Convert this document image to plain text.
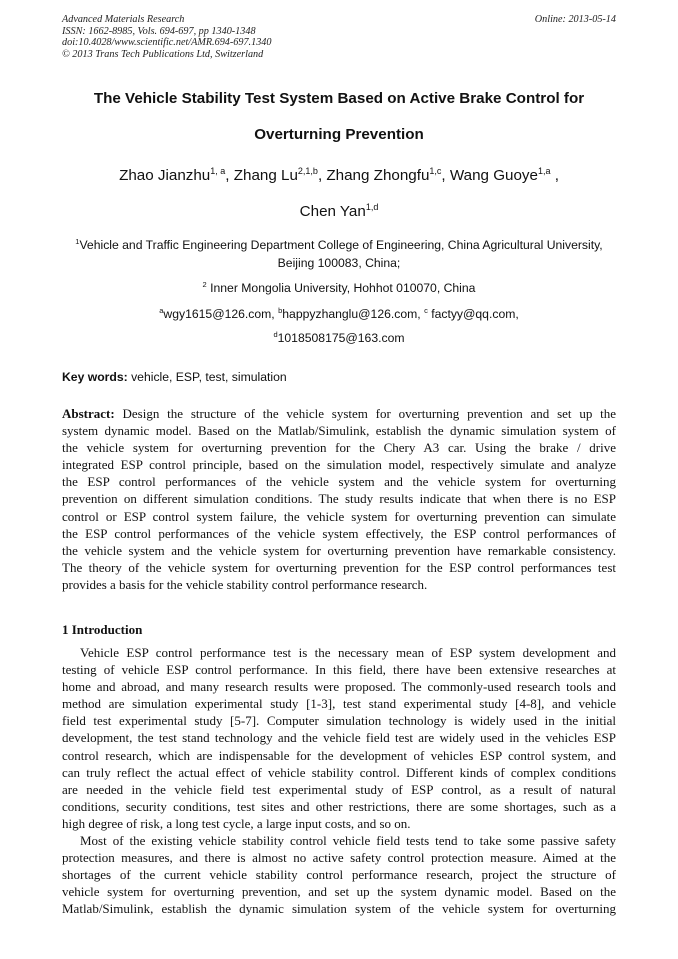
Advanced Materials Research
ISSN: 1662-8985, Vols. 694-697, pp 1340-1348
doi:10.4028/www.scientific.net/AMR.694-697.1340
© 2013 Trans Tech Publications Ltd, Switzerland
Online: 2013-05-14
The Vehicle Stability Test System Based on Active Brake Control for
Overturning Prevention
Zhao Jianzhu$^{1, a}$, Zhang Lu$^{2,1,b}$, Zhang Zhongfu$^{1,c}$, Wang Guoye$^{1,a}$ ,
Chen Yan$^{1,d}$
$^1$Vehicle and Traffic Engineering Department College of Engineering, China Agricultural University,
Beijing 100083, China;
$^2$ Inner Mongolia University, Hohhot 010070, China
$^a$wgy1615@126.com, $^b$happyzhanglu@126.com, $^c$ factyy@qq.com,
$^d$1018508175@163.com
Key words: vehicle, ESP, test, simulation
Abstract: Design the structure of the vehicle system for overturning prevention and set up the
system dynamic model. Based on the Matlab/Simulink, establish the dynamic simulation system of
the vehicle system for overturning prevention for the Chery A3 car. Using the brake / drive
integrated ESP control principle, based on the simulation model, respectively simulate and analyze
the ESP control performances of the vehicle system and the vehicle system for overturning
prevention on different simulation conditions. The study results indicate that when there is no ESP
control or ESP control system failure, the vehicle system for overturning prevention can simulate
the ESP control performances of the vehicle system effectively, the ESP control performances of
the vehicle system and the vehicle system for overturning prevention have remarkable consistency.
The theory of the vehicle system for overturning prevention for the ESP control performances test
provides a basis for the vehicle stability control performance research.
1 Introduction
Vehicle ESP control performance test is the necessary mean of ESP system development and
testing of vehicle ESP control performance. In this field, there have been extensive researches at
home and abroad, and many research results were proposed. The commonly-used research tools and
method are simulation experimental study [1-3], test stand experimental study [4-8], and vehicle
field test experimental study [5-7]. Computer simulation technology is widely used in the initial
development, the test stand technology and the vehicle field test are widely used in the vehicles ESP
control research, which are indispensable for the development of vehicles ESP control system, and
can truly reflect the actual effect of vehicle stability control. Different kinds of complex conditions
are needed in the vehicle field test experimental study of ESP control, as a result of natural
conditions, security conditions, test sites and other restrictions, there are some shortages, such as a
high degree of risk, a long test cycle, a large input costs, and so on.
Most of the existing vehicle stability control vehicle field tests tend to take some passive safety
protection measures, and there is almost no active safety control protection measure. Aimed at the
shortages of the current vehicle stability control performance research, project the structure of
vehicle system for overturning prevention, and set up the system dynamic model. Based on the
Matlab/Simulink, establish the dynamic simulation system of the vehicle system for overturning
